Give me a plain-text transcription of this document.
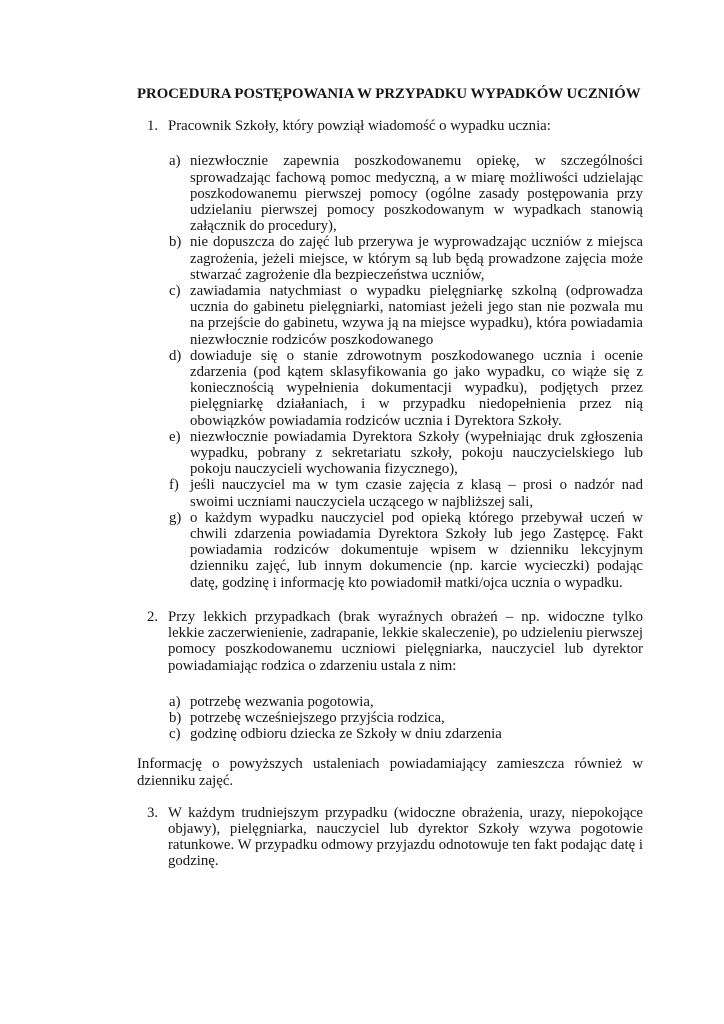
PROCEDURA POSTĘPOWANIA W PRZYPADKU WYPADKÓW UCZNIÓW
1. Pracownik Szkoły, który powziął wiadomość o wypadku ucznia:
a) niezwłocznie zapewnia poszkodowanemu opiekę, w szczególności sprowadzając fachową pomoc medyczną, a w miarę możliwości udzielając poszkodowanemu pierwszej pomocy (ogólne zasady postępowania przy udzielaniu pierwszej pomocy poszkodowanym w wypadkach stanowią załącznik do procedury),
b) nie dopuszcza do zajęć lub przerywa je wyprowadzając uczniów z miejsca zagrożenia, jeżeli miejsce, w którym są lub będą prowadzone zajęcia może stwarzać zagrożenie dla bezpieczeństwa uczniów,
c) zawiadamia natychmiast o wypadku pielęgniarkę szkolną (odprowadza ucznia do gabinetu pielęgniarki, natomiast jeżeli jego stan nie pozwala mu na przejście do gabinetu, wzywa ją na miejsce wypadku), która powiadamia niezwłocznie rodziców poszkodowanego
d) dowiaduje się o stanie zdrowotnym poszkodowanego ucznia i ocenie zdarzenia (pod kątem sklasyfikowania go jako wypadku, co wiąże się z koniecznością wypełnienia dokumentacji wypadku), podjętych przez pielęgniarkę działaniach, i w przypadku niedopełnienia przez nią obowiązków powiadamia rodziców ucznia i Dyrektora Szkoły.
e) niezwłocznie powiadamia Dyrektora Szkoły (wypełniając druk zgłoszenia wypadku, pobrany z sekretariatu szkoły, pokoju nauczycielskiego lub pokoju nauczycieli wychowania fizycznego),
f) jeśli nauczyciel ma w tym czasie zajęcia z klasą – prosi o nadzór nad swoimi uczniami nauczyciela uczącego w najbliższej sali,
g) o każdym wypadku nauczyciel pod opieką którego przebywał uczeń w chwili zdarzenia powiadamia Dyrektora Szkoły lub jego Zastępcę. Fakt powiadamia rodziców dokumentuje wpisem w dzienniku lekcyjnym dzienniku zajęć, lub innym dokumencie (np. karcie wycieczki) podając datę, godzinę i informację kto powiadomił matki/ojca ucznia o wypadku.
2. Przy lekkich przypadkach (brak wyraźnych obrażeń – np. widoczne tylko lekkie zaczerwienienie, zadrapanie, lekkie skaleczenie), po udzieleniu pierwszej pomocy poszkodowanemu uczniowi pielęgniarka, nauczyciel lub dyrektor powiadamiając rodzica o zdarzeniu ustala z nim:
a) potrzebę wezwania pogotowia,
b) potrzebę wcześniejszego przyjścia rodzica,
c) godzinę odbioru dziecka ze Szkoły w dniu zdarzenia
Informację o powyższych ustaleniach powiadamiający zamieszcza również w dzienniku zajęć.
3. W każdym trudniejszym przypadku (widoczne obrażenia, urazy, niepokojące objawy), pielęgniarka, nauczyciel lub dyrektor Szkoły wzywa pogotowie ratunkowe. W przypadku odmowy przyjazdu odnotowuje ten fakt podając datę i godzinę.
